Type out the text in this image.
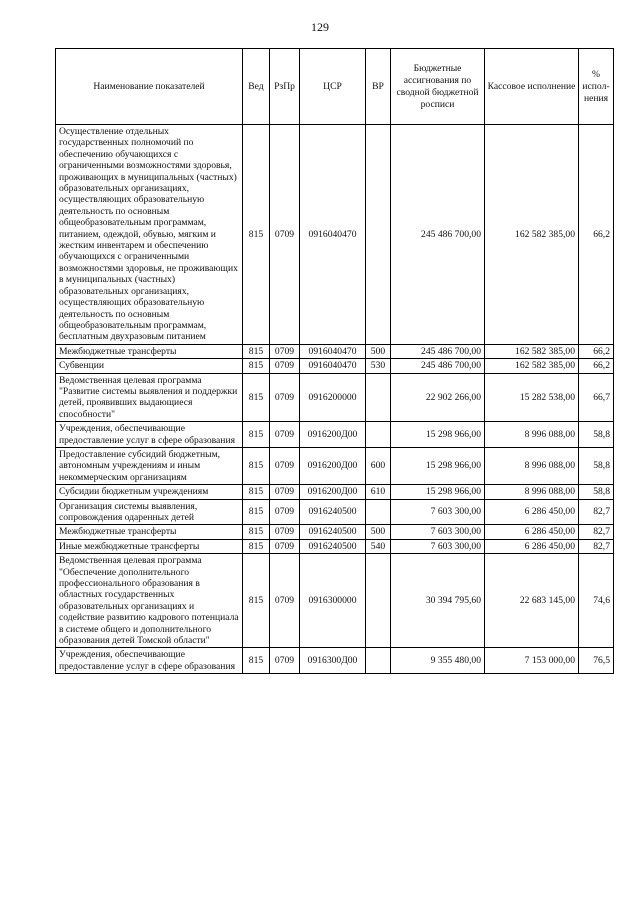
129
Наименование показателей	Вед	РзПр	ЦСР	ВР	Бюджетные ассигнования по сводной бюджетной росписи	Кассовое исполнение	% испол-нения
Осуществление отдельных государственных полномочий по обеспечению обучающихся с ограниченными возможностями здоровья, проживающих в муниципальных (частных) образовательных организациях, осуществляющих образовательную деятельность по основным общеобразовательным программам, питанием, одеждой, обувью, мягким и жестким инвентарем и обеспечению обучающихся с ограниченными возможностями здоровья, не проживающих в муниципальных (частных) образовательных организациях, осуществляющих образовательную деятельность по основным общеобразовательным программам, бесплатным двухразовым питанием	815	0709	0916040470		245 486 700,00	162 582 385,00	66,2
Межбюджетные трансферты	815	0709	0916040470	500	245 486 700,00	162 582 385,00	66,2
Субвенции	815	0709	0916040470	530	245 486 700,00	162 582 385,00	66,2
Ведомственная целевая программа "Развитие системы выявления и поддержки детей, проявивших выдающиеся способности"	815	0709	0916200000		22 902 266,00	15 282 538,00	66,7
Учреждения, обеспечивающие предоставление услуг в сфере образования	815	0709	0916200Д00		15 298 966,00	8 996 088,00	58,8
Предоставление субсидий бюджетным, автономным учреждениям и иным некоммерческим организациям	815	0709	0916200Д00	600	15 298 966,00	8 996 088,00	58,8
Субсидии бюджетным учреждениям	815	0709	0916200Д00	610	15 298 966,00	8 996 088,00	58,8
Организация системы выявления, сопровождения одаренных детей	815	0709	0916240500		7 603 300,00	6 286 450,00	82,7
Межбюджетные трансферты	815	0709	0916240500	500	7 603 300,00	6 286 450,00	82,7
Иные межбюджетные трансферты	815	0709	0916240500	540	7 603 300,00	6 286 450,00	82,7
Ведомственная целевая программа "Обеспечение дополнительного профессионального образования в областных государственных образовательных организациях и содействие развитию кадрового потенциала в системе общего и дополнительного образования детей Томской области"	815	0709	0916300000		30 394 795,60	22 683 145,00	74,6
Учреждения, обеспечивающие предоставление услуг в сфере образования	815	0709	0916300Д00		9 355 480,00	7 153 000,00	76,5
